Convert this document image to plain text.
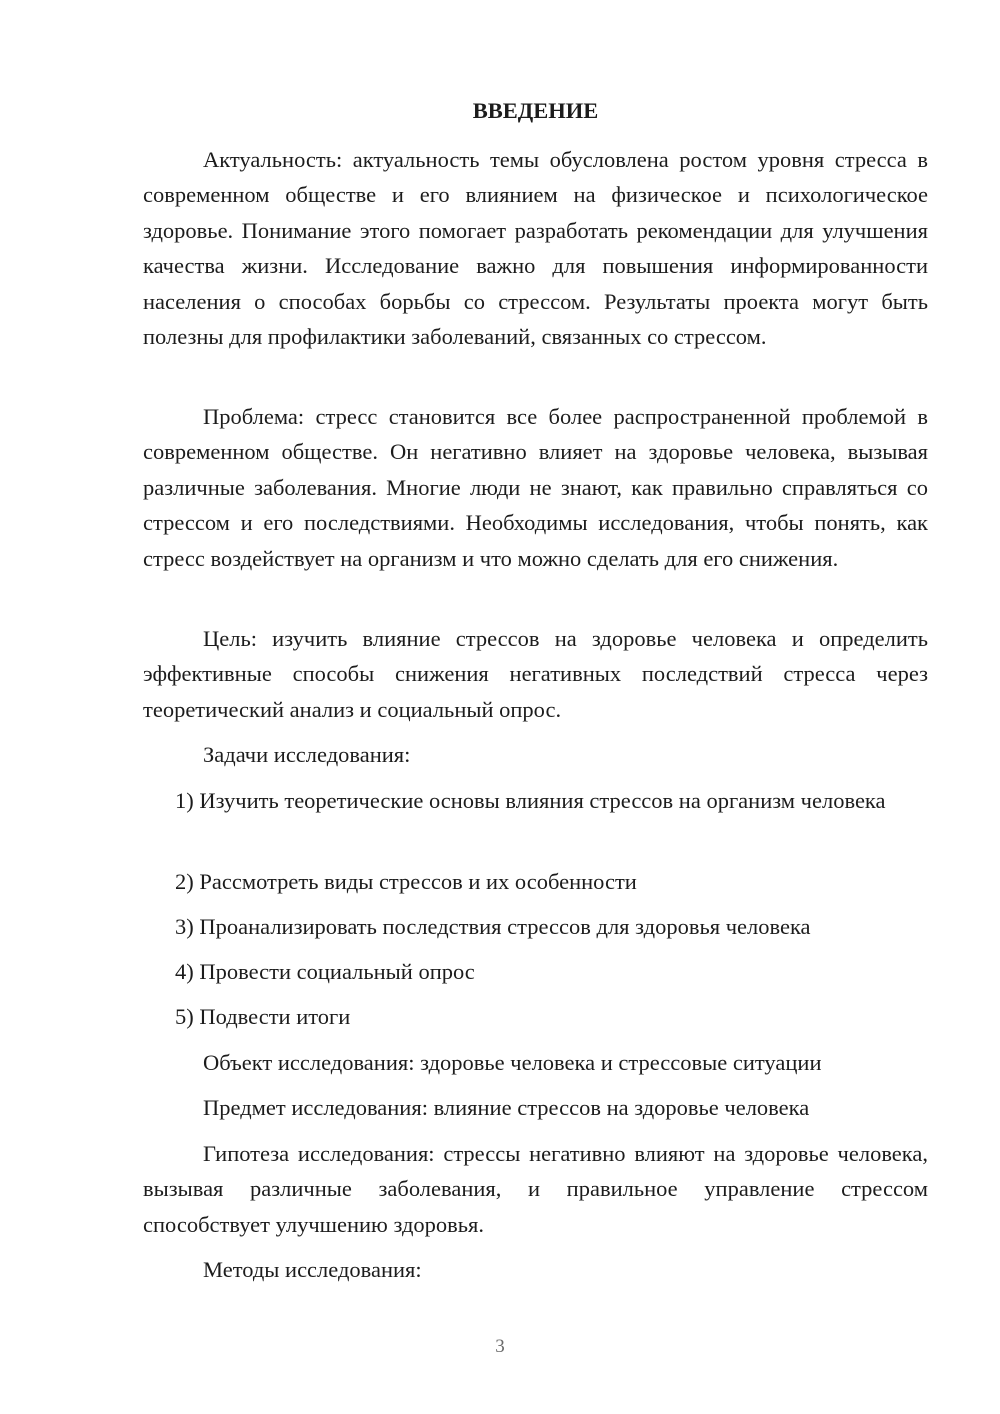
ВВЕДЕНИЕ

Актуальность: актуальность темы обусловлена ростом уровня стресса в современном обществе и его влиянием на физическое и психологическое здоровье. Понимание этого помогает разработать рекомендации для улучшения качества жизни. Исследование важно для повышения информированности населения о способах борьбы со стрессом. Результаты проекта могут быть полезны для профилактики заболеваний, связанных со стрессом.

Проблема: стресс становится все более распространенной проблемой в современном обществе. Он негативно влияет на здоровье человека, вызывая различные заболевания. Многие люди не знают, как правильно справляться со стрессом и его последствиями. Необходимы исследования, чтобы понять, как стресс воздействует на организм и что можно сделать для его снижения.

Цель: изучить влияние стрессов на здоровье человека и определить эффективные способы снижения негативных последствий стресса через теоретический анализ и социальный опрос.

Задачи исследования:

1) Изучить теоретические основы влияния стрессов на организм человека

2) Рассмотреть виды стрессов и их особенности

3) Проанализировать последствия стрессов для здоровья человека

4) Провести социальный опрос

5) Подвести итоги

Объект исследования: здоровье человека и стрессовые ситуации

Предмет исследования: влияние стрессов на здоровье человека

Гипотеза исследования: стрессы негативно влияют на здоровье человека, вызывая различные заболевания, и правильное управление стрессом способствует улучшению здоровья.

Методы исследования:

3
